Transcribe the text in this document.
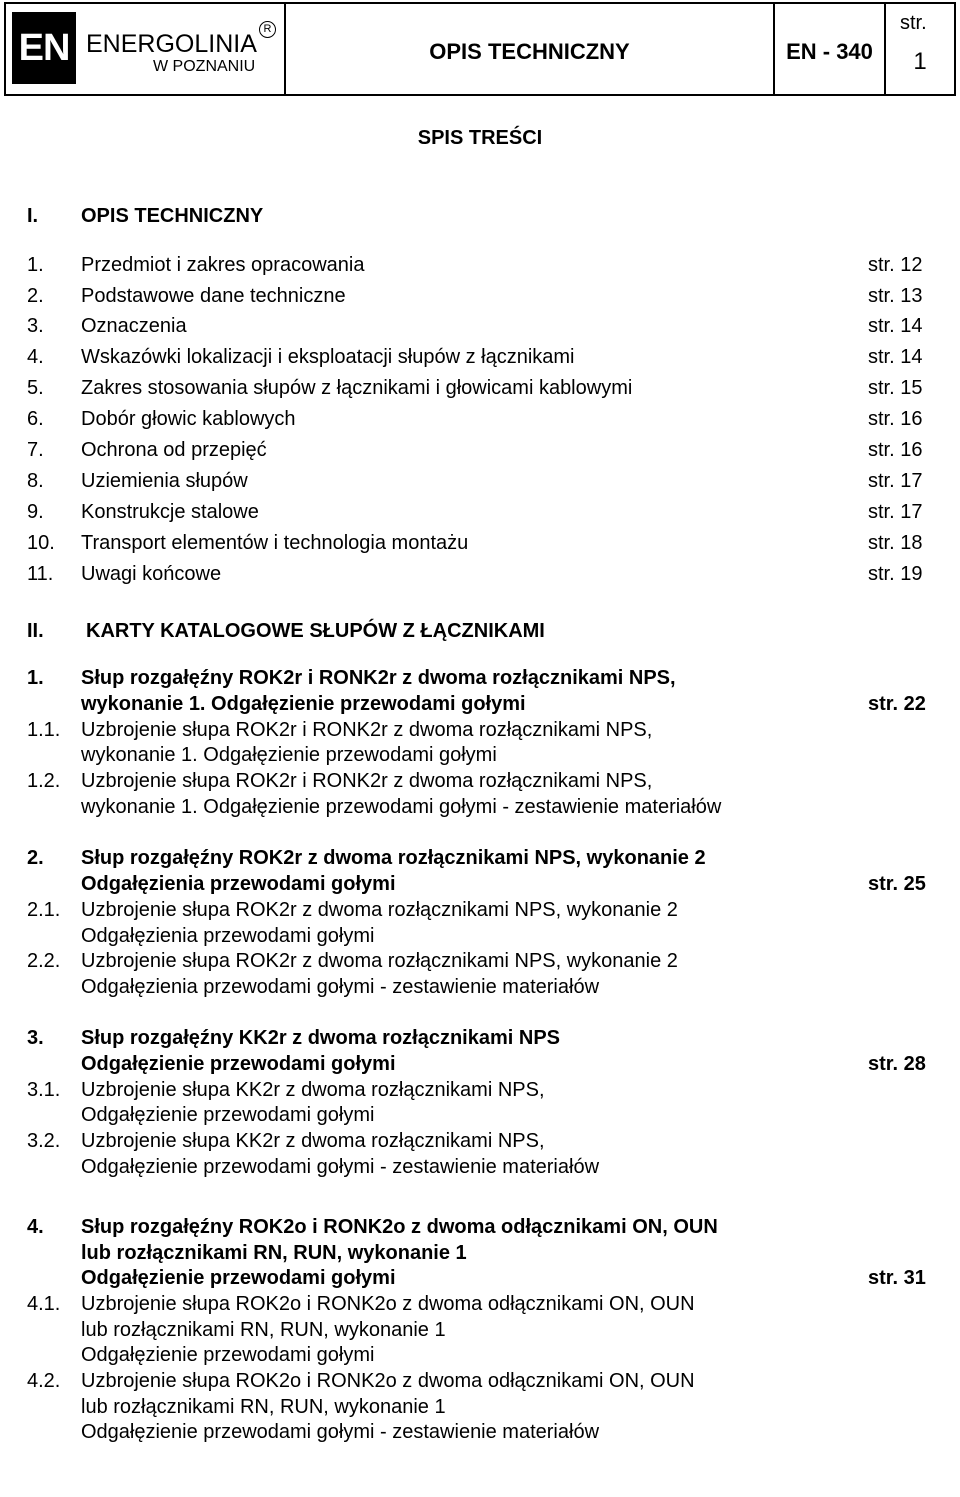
EN ENERGOLINIA
R
W POZNANIU
OPIS TECHNICZNY	EN - 340
str.
1
SPIS TREŚCI
I. OPIS TECHNICZNY
1. Przedmiot i zakres opracowania	str. 12
2. Podstawowe dane techniczne	str. 13
3. Oznaczenia	str. 14
4. Wskazówki lokalizacji i eksploatacji słupów z łącznikami	str. 14
5. Zakres stosowania słupów z łącznikami i głowicami kablowymi	str. 15
6. Dobór głowic kablowych	str. 16
7. Ochrona od przepięć	str. 16
8. Uziemienia słupów	str. 17
9. Konstrukcje stalowe	str. 17
10. Transport elementów i technologia montażu	str. 18
11. Uwagi końcowe	str. 19
II. KARTY KATALOGOWE SŁUPÓW Z ŁĄCZNIKAMI
1. Słup rozgałęźny ROK2r i RONK2r z dwoma rozłącznikami NPS,
wykonanie 1. Odgałęzienie przewodami gołymi	str. 22
1.1. Uzbrojenie słupa ROK2r i RONK2r z dwoma rozłącznikami NPS,
wykonanie 1. Odgałęzienie przewodami gołymi
1.2. Uzbrojenie słupa ROK2r i RONK2r z dwoma rozłącznikami NPS,
wykonanie 1. Odgałęzienie przewodami gołymi - zestawienie materiałów
2. Słup rozgałęźny ROK2r z dwoma rozłącznikami NPS, wykonanie 2
Odgałęzienia przewodami gołymi	str. 25
2.1. Uzbrojenie słupa ROK2r z dwoma rozłącznikami NPS, wykonanie 2
Odgałęzienia przewodami gołymi
2.2. Uzbrojenie słupa ROK2r z dwoma rozłącznikami NPS, wykonanie 2
Odgałęzienia przewodami gołymi - zestawienie materiałów
3. Słup rozgałęźny KK2r z dwoma rozłącznikami NPS
Odgałęzienie przewodami gołymi	str. 28
3.1. Uzbrojenie słupa KK2r z dwoma rozłącznikami NPS,
Odgałęzienie przewodami gołymi
3.2. Uzbrojenie słupa KK2r z dwoma rozłącznikami NPS,
Odgałęzienie przewodami gołymi - zestawienie materiałów
4. Słup rozgałęźny ROK2o i RONK2o z dwoma odłącznikami ON, OUN
lub rozłącznikami RN, RUN, wykonanie 1
Odgałęzienie przewodami gołymi	str. 31
4.1. Uzbrojenie słupa ROK2o i RONK2o z dwoma odłącznikami ON, OUN
lub rozłącznikami RN, RUN, wykonanie 1
Odgałęzienie przewodami gołymi
4.2. Uzbrojenie słupa ROK2o i RONK2o z dwoma odłącznikami ON, OUN
lub rozłącznikami RN, RUN, wykonanie 1
Odgałęzienie przewodami gołymi - zestawienie materiałów
